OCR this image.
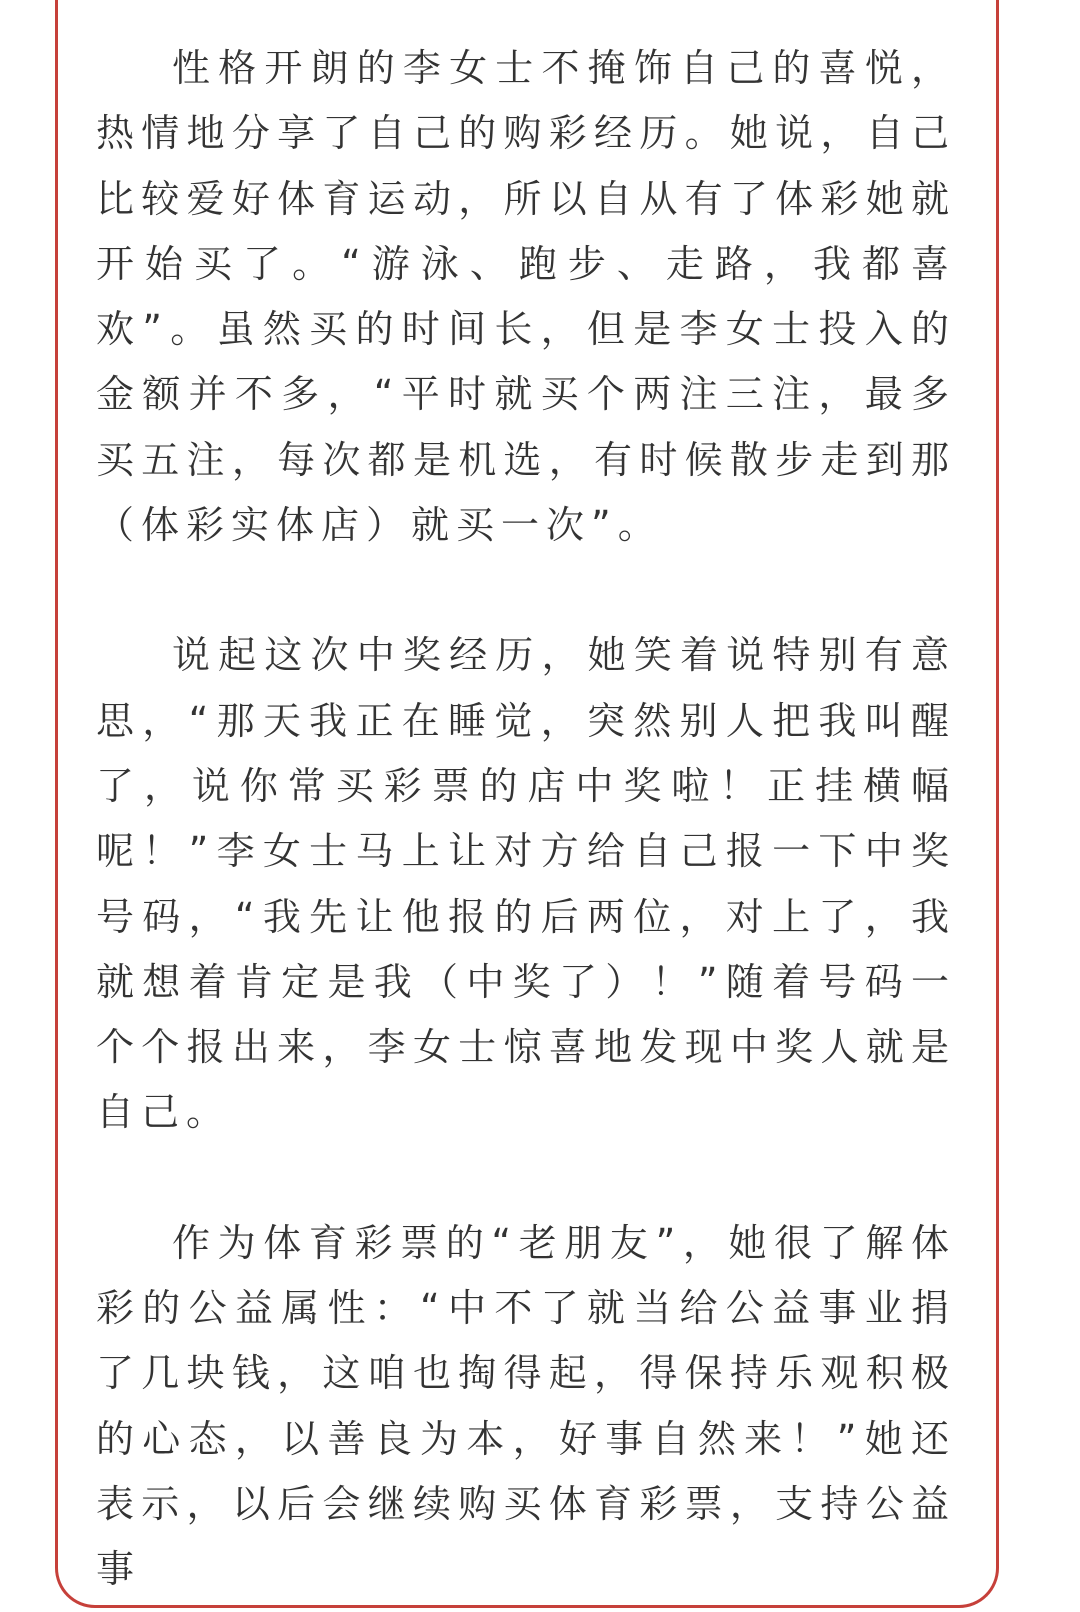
性格开朗的李女士不掩饰自己的喜悦，热情地分享了自己的购彩经历。她说，自己比较爱好体育运动，所以自从有了体彩她就开始买了。“游泳、跑步、走路，我都喜欢”。虽然买的时间长，但是李女士投入的金额并不多，“平时就买个两注三注，最多买五注，每次都是机选，有时候散步走到那（体彩实体店）就买一次”。

说起这次中奖经历，她笑着说特别有意思，“那天我正在睡觉，突然别人把我叫醒了，说你常买彩票的店中奖啦！正挂横幅呢！”李女士马上让对方给自己报一下中奖号码，“我先让他报的后两位，对上了，我就想着肯定是我（中奖了）！”随着号码一个个报出来，李女士惊喜地发现中奖人就是自己。

作为体育彩票的“老朋友”，她很了解体彩的公益属性：“中不了就当给公益事业捐了几块钱，这咱也掏得起，得保持乐观积极的心态，以善良为本，好事自然来！”她还表示，以后会继续购买体育彩票，支持公益事
